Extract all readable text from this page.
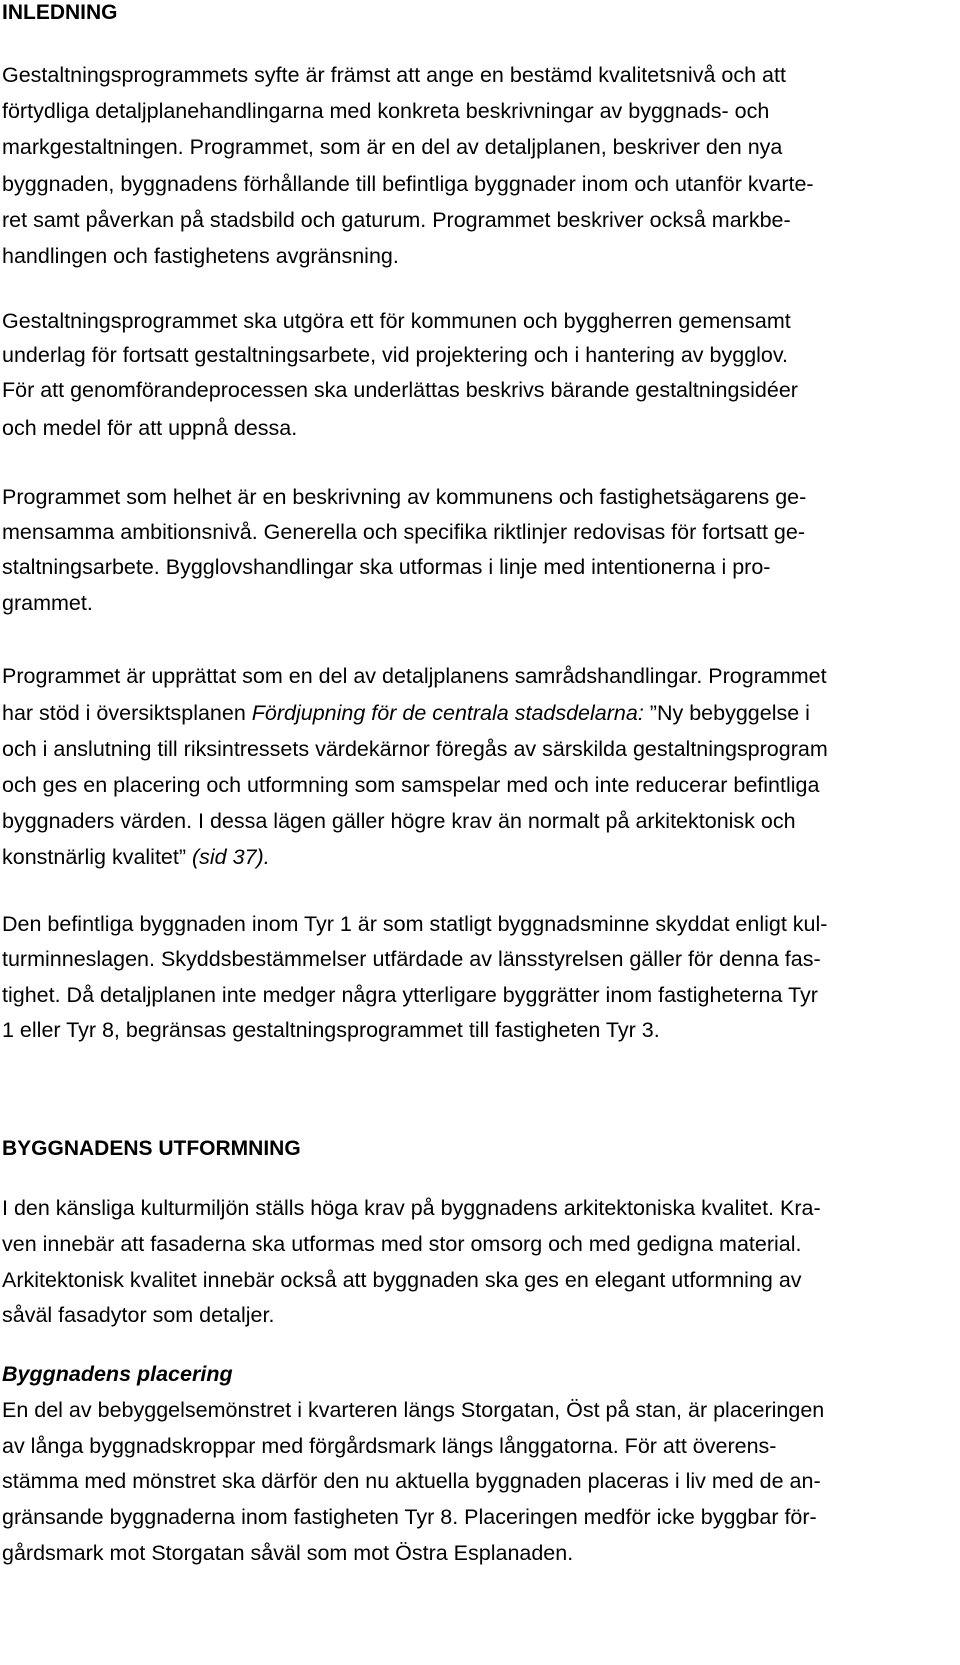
INLEDNING
Gestaltningsprogrammets syfte är främst att ange en bestämd kvalitetsnivå och att
förtydliga detaljplanehandlingarna med konkreta beskrivningar av byggnads- och
markgestaltningen. Programmet, som är en del av detaljplanen, beskriver den nya
byggnaden, byggnadens förhållande till befintliga byggnader inom och utanför kvarte-
ret samt påverkan på stadsbild och gaturum. Programmet beskriver också markbe-
handlingen och fastighetens avgränsning.
Gestaltningsprogrammet ska utgöra ett för kommunen och byggherren gemensamt
underlag för fortsatt gestaltningsarbete, vid projektering och i hantering av bygglov.
För att genomförandeprocessen ska underlättas beskrivs bärande gestaltningsidéer
och medel för att uppnå dessa.
Programmet som helhet är en beskrivning av kommunens och fastighetsägarens ge-
mensamma ambitionsnivå. Generella och specifika riktlinjer redovisas för fortsatt ge-
staltningsarbete. Bygglovshandlingar ska utformas i linje med intentionerna i pro-
grammet.
Programmet är upprättat som en del av detaljplanens samrådshandlingar. Programmet
har stöd i översiktsplanen Fördjupning för de centrala stadsdelarna: ”Ny bebyggelse i
och i anslutning till riksintressets värdekärnor föregås av särskilda gestaltningsprogram
och ges en placering och utformning som samspelar med och inte reducerar befintliga
byggnaders värden. I dessa lägen gäller högre krav än normalt på arkitektonisk och
konstnärlig kvalitet” (sid 37).
Den befintliga byggnaden inom Tyr 1 är som statligt byggnadsminne skyddat enligt kul-
turminneslagen. Skyddsbestämmelser utfärdade av länsstyrelsen gäller för denna fas-
tighet. Då detaljplanen inte medger några ytterligare byggrätter inom fastigheterna Tyr
1 eller Tyr 8, begränsas gestaltningsprogrammet till fastigheten Tyr 3.
BYGGNADENS UTFORMNING
I den känsliga kulturmiljön ställs höga krav på byggnadens arkitektoniska kvalitet. Kra-
ven innebär att fasaderna ska utformas med stor omsorg och med gedigna material.
Arkitektonisk kvalitet innebär också att byggnaden ska ges en elegant utformning av
såväl fasadytor som detaljer.
Byggnadens placering
En del av bebyggelsemönstret i kvarteren längs Storgatan, Öst på stan, är placeringen
av långa byggnadskroppar med förgårdsmark längs långgatorna. För att överens-
stämma med mönstret ska därför den nu aktuella byggnaden placeras i liv med de an-
gränsande byggnaderna inom fastigheten Tyr 8. Placeringen medför icke byggbar för-
gårdsmark mot Storgatan såväl som mot Östra Esplanaden.
